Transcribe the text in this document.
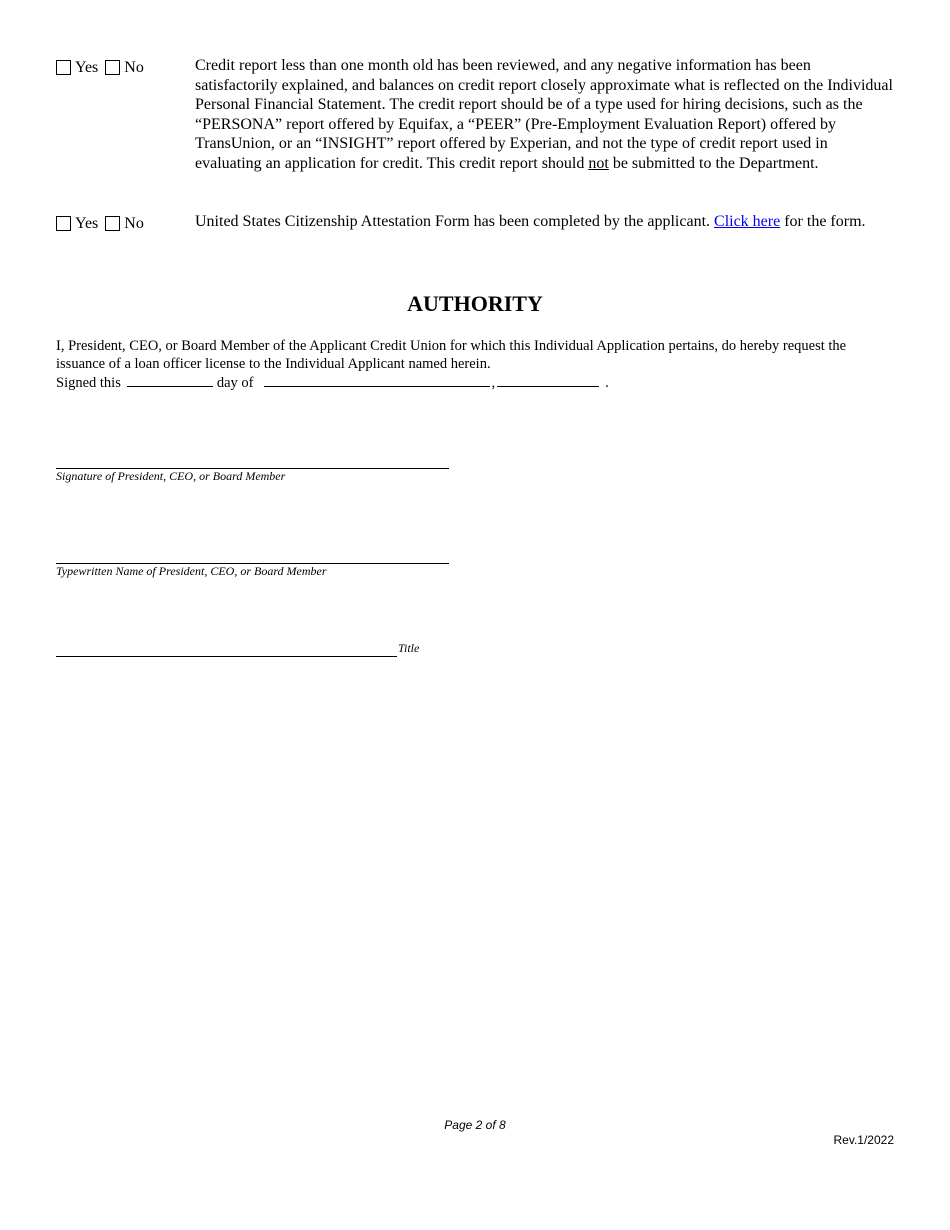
Yes No	Credit report less than one month old has been reviewed, and any negative information has been satisfactorily explained, and balances on credit report closely approximate what is reflected on the Individual Personal Financial Statement. The credit report should be of a type used for hiring decisions, such as the “PERSONA” report offered by Equifax, a “PEER” (Pre-Employment Evaluation Report) offered by TransUnion, or an “INSIGHT” report offered by Experian, and not the type of credit report used in evaluating an application for credit. This credit report should not be submitted to the Department.
Yes No	United States Citizenship Attestation Form has been completed by the applicant. Click here for the form.
AUTHORITY
I, President, CEO, or Board Member of the Applicant Credit Union for which this Individual Application pertains, do hereby request the issuance of a loan officer license to the Individual Applicant named herein.
Signed this	day of	,	.
Signature of President, CEO, or Board Member
Typewritten Name of President, CEO, or Board Member
Title
Page 2 of 8
Rev.1/2022
